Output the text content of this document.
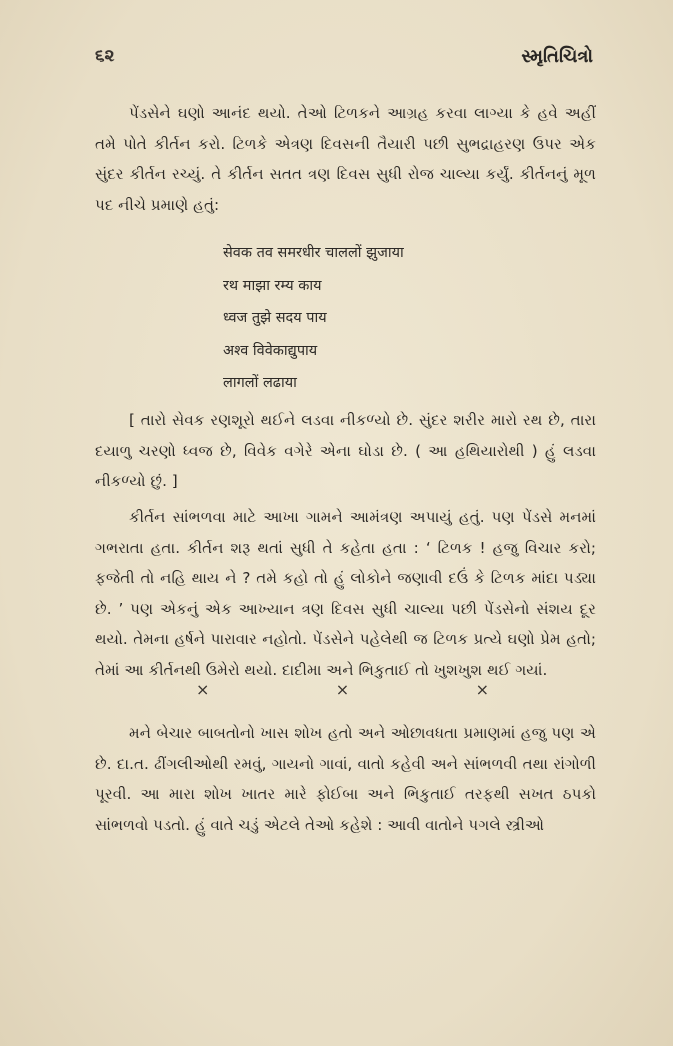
૬૨	સ્મૃતિચિત્રો

પેંડસેને ઘણો આનંદ થયો. તેઓ ટિળકને આગ્રહ કરવા લાગ્યા કે હવે અહીં તમે પોતે કીર્તન કરો. ટિળકે એત્રણ દિવસની તૈયારી પછી સુભદ્રાહરણ ઉપર એક સુંદર કીર્તન રચ્યું. તે કીર્તન સતત ત્રણ દિવસ સુધી રોજ ચાલ્યા કર્યું. કીર્તનનું મૂળ પદ નીચે પ્રમાણે હતું:

सेवक तव समरधीर चाललों झुजाया
रथ माझा रम्य काय
ध्वज तुझे सदय पाय
अश्व विवेकाद्युपाय
लागलों लढाया

[ તારો સેવક રણશૂરો થઈને લડવા નીકળ્યો છે. સુંદર શરીર મારો રથ છે, તારા દયાળુ ચરણો ધ્વજ છે, વિવેક વગેરે એના ઘોડા છે. ( આ હથિયારોથી ) હું લડવા નીકળ્યો છું. ]

કીર્તન સાંભળવા માટે આખા ગામને આમંત્રણ અપાયું હતું. પણ પેંડસે મનમાં ગભરાતા હતા. કીર્તન શરૂ થતાં સુધી તે કહેતા હતા : ‘ ટિળક ! હજુ વિચાર કરો; ફજેતી તો નહિ થાય ને ? તમે કહો તો હું લોકોને જણાવી દઉં કે ટિળક માંદા પડ્યા છે. ’ પણ એકનું એક આખ્યાન ત્રણ દિવસ સુધી ચાલ્યા પછી પેંડસેનો સંશય દૂર થયો. તેમના હર્ષને પારાવાર નહોતો. પેંડસેને પહેલેથી જ ટિળક પ્રત્યે ઘણો પ્રેમ હતો; તેમાં આ કીર્તનથી ઉમેરો થયો. દાદીમા અને ભિકુતાઈ તો ખુશખુશ થઈ ગયાં.

×	×	×

મને બેચાર બાબતોનો ખાસ શોખ હતો અને ઓછાવધતા પ્રમાણમાં હજુ પણ એ છે. દા.ત. ઢીંગલીઓથી રમવું, ગાયનો ગાવાં, વાતો કહેવી અને સાંભળવી તથા રાંગોળી પૂરવી. આ મારા શોખ ખાતર મારે ફોઈબા અને ભિકુતાઈ તરફથી સખત ઠપકો સાંભળવો પડતો. હું વાતે ચડું એટલે તેઓ કહેશે : આવી વાતોને પગલે સ્ત્રીઓ
